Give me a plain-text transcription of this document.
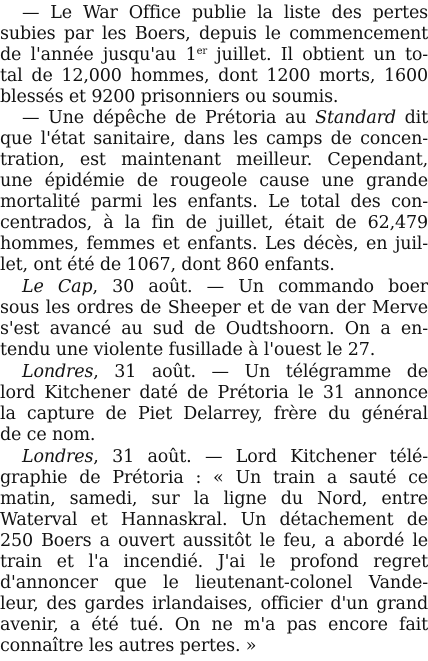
— Le War Office publie la liste des pertes
subies par les Boers, depuis le commencement
de l'année jusqu'au 1er juillet. Il obtient un to-
tal de 12,000 hommes, dont 1200 morts, 1600
blessés et 9200 prisonniers ou soumis.
— Une dépêche de Prétoria au Standard dit
que l'état sanitaire, dans les camps de concen-
tration, est maintenant meilleur. Cependant,
une épidémie de rougeole cause une grande
mortalité parmi les enfants. Le total des con-
centrados, à la fin de juillet, était de 62,479
hommes, femmes et enfants. Les décès, en juil-
let, ont été de 1067, dont 860 enfants.
Le Cap, 30 août. — Un commando boer
sous les ordres de Sheeper et de van der Merve
s'est avancé au sud de Oudtshoorn. On a en-
tendu une violente fusillade à l'ouest le 27.
Londres, 31 août. — Un télégramme de
lord Kitchener daté de Prétoria le 31 annonce
la capture de Piet Delarrey, frère du général
de ce nom.
Londres, 31 août. — Lord Kitchener télé-
graphie de Prétoria : « Un train a sauté ce
matin, samedi, sur la ligne du Nord, entre
Waterval et Hannaskral. Un détachement de
250 Boers a ouvert aussitôt le feu, a abordé le
train et l'a incendié. J'ai le profond regret
d'annoncer que le lieutenant-colonel Vande-
leur, des gardes irlandaises, officier d'un grand
avenir, a été tué. On ne m'a pas encore fait
connaître les autres pertes. »
